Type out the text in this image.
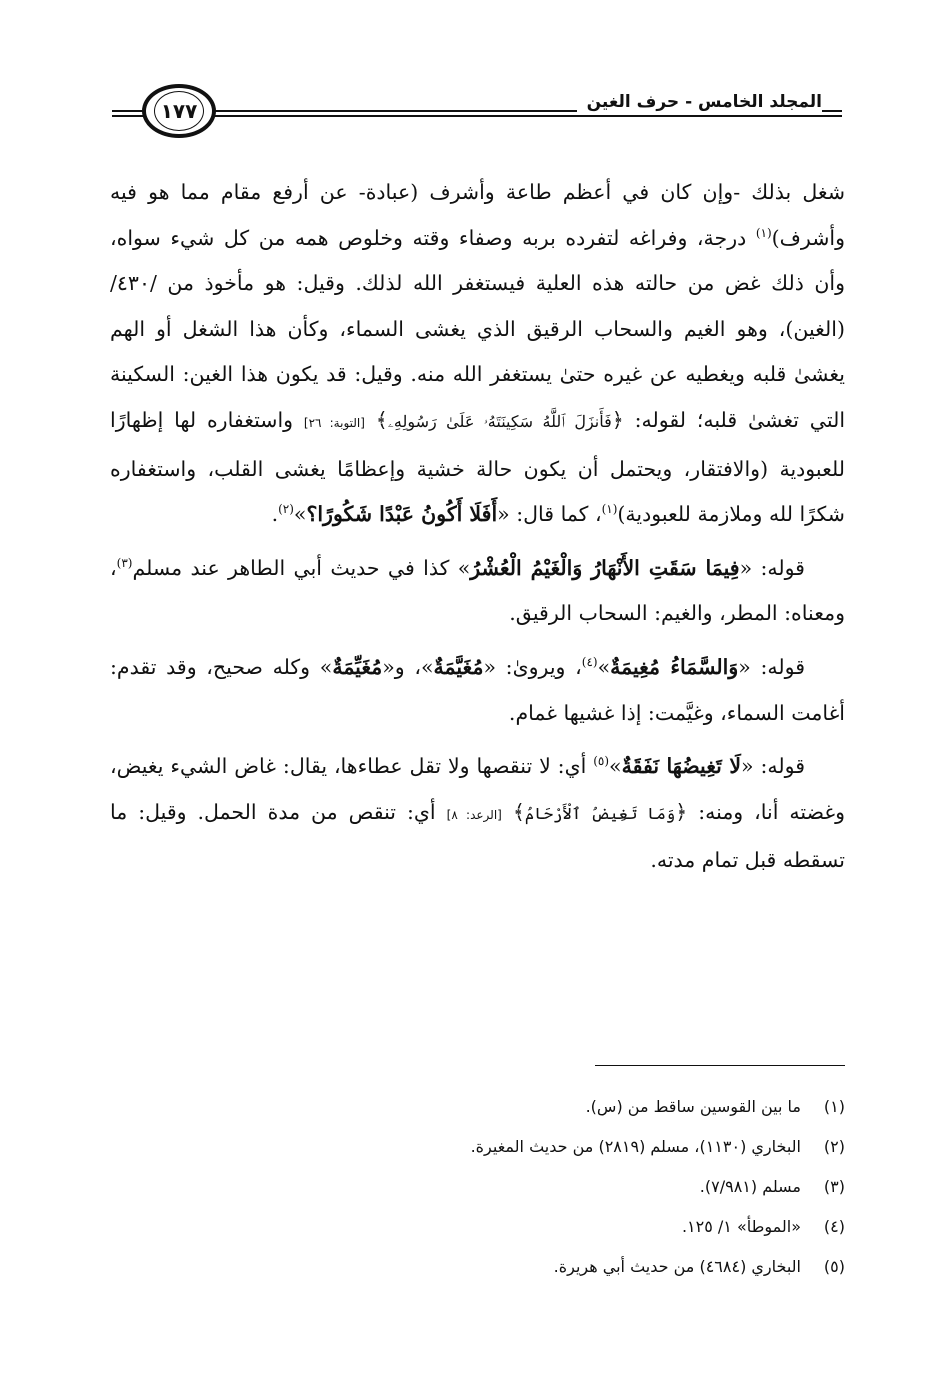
المجلد الخامس - حرف الغين
١٧٧

شغل بذلك -وإن كان في أعظم طاعة وأشرف (عبادة- عن أرفع مقام مما هو فيه وأشرف)$^{(١)}$ درجة، وفراغه لتفرده بربه وصفاء وقته وخلوص همه من كل شيء سواه، وأن ذلك غض من حالته هذه العلية فيستغفر الله لذلك. وقيل: هو مأخوذ من /٤٣٠/ (الغين)، وهو الغيم والسحاب الرقيق الذي يغشى السماء، وكأن هذا الشغل أو الهم يغشىٰ قلبه ويغطيه عن غيره حتىٰ يستغفر الله منه. وقيل: قد يكون هذا الغين: السكينة التي تغشىٰ قلبه؛ لقوله: ﴿فَأَنزَلَ ٱللَّهُ سَكِينَتَهُۥ عَلَىٰ رَسُولِهِۦ﴾ [التوبة: ٢٦] واستغفاره لها إظهارًا للعبودية (والافتقار، ويحتمل أن يكون حالة خشية وإعظامًا يغشى القلب، واستغفاره شكرًا لله وملازمة للعبودية)$^{(١)}$، كما قال: «أَفَلَا أَكُونُ عَبْدًا شَكُورًا؟»$^{(٢)}$.

قوله: «فِيمَا سَقَتِ الأَنْهَارُ وَالْغَيْمُ الْعُشْرُ» كذا في حديث أبي الطاهر عند مسلم$^{(٣)}$، ومعناه: المطر، والغيم: السحاب الرقيق.

قوله: «وَالسَّمَاءُ مُغِيمَةٌ»$^{(٤)}$، ويروىٰ: «مُغَيَّمَةٌ»، و«مُغَيِّمَةٌ» وكله صحيح، وقد تقدم: أغامت السماء، وغيَّمت: إذا غشيها غمام.

قوله: «لَا تَغِيضُهَا نَفَقَةٌ»$^{(٥)}$ أي: لا تنقصها ولا تقل عطاءها، يقال: غاض الشيء يغيض، وغضته أنا، ومنه: ﴿وَمَا تَغِيضُ ٱلْأَرْحَامُ﴾ [الرعد: ٨] أي: تنقص من مدة الحمل. وقيل: ما تسقطه قبل تمام مدته.

(١)
ما بين القوسين ساقط من (س).
(٢)
البخاري (١١٣٠)، مسلم (٢٨١٩) من حديث المغيرة.
(٣)
مسلم (٧/٩٨١).
(٤)
«الموطأ» ١/ ١٢٥.
(٥)
البخاري (٤٦٨٤) من حديث أبي هريرة.
